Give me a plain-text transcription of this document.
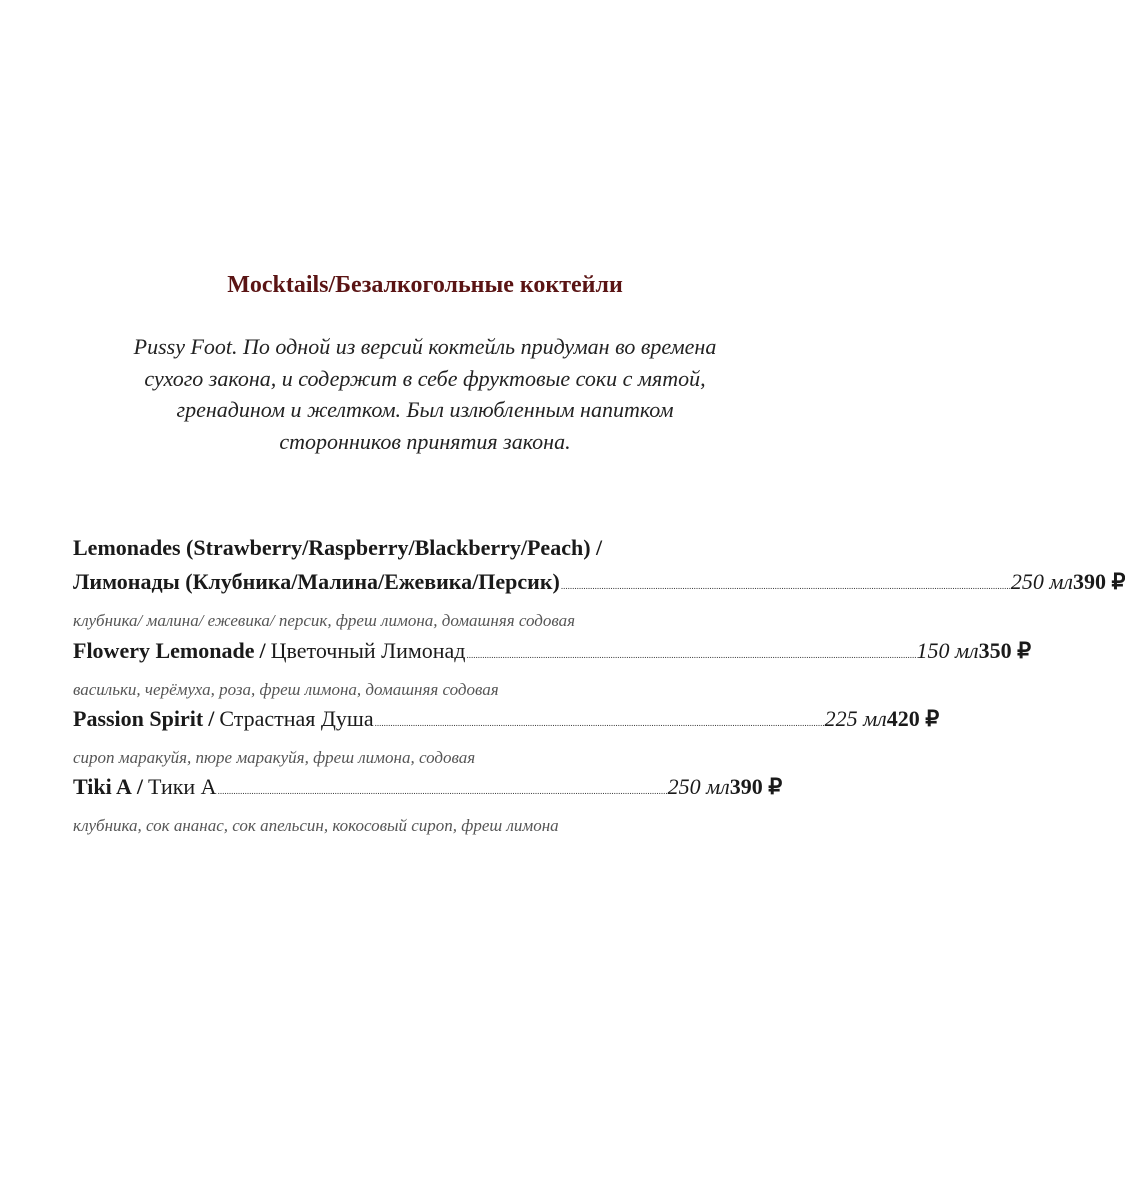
Mocktails/Безалкогольные коктейли
Pussy Foot. По одной из версий коктейль придуман во времена
сухого закона, и содержит в себе фруктовые соки с мятой,
гренадином и желтком. Был излюбленным напитком
сторонников принятия закона.
Lemonades (Strawberry/Raspberry/Blackberry/Peach) /
Лимонады (Клубника/Малина/Ежевика/Персик) ........................................................................................................................................................................................................ 250 мл 390 ₽
клубника/ малина/ ежевика/ персик, фреш лимона, домашняя содовая
Flowery Lemonade / Цветочный Лимонад ........................................................................................................................................................................................................ 150 мл 350 ₽
васильки, черёмуха, роза, фреш лимона, домашняя содовая
Passion Spirit / Страстная Душа ........................................................................................................................................................................................................ 225 мл 420 ₽
сироп маракуйя, пюре маракуйя, фреш лимона, содовая
Tiki A / Тики А ........................................................................................................................................................................................................ 250 мл 390 ₽
клубника, сок ананас, сок апельсин, кокосовый сироп, фреш лимона
